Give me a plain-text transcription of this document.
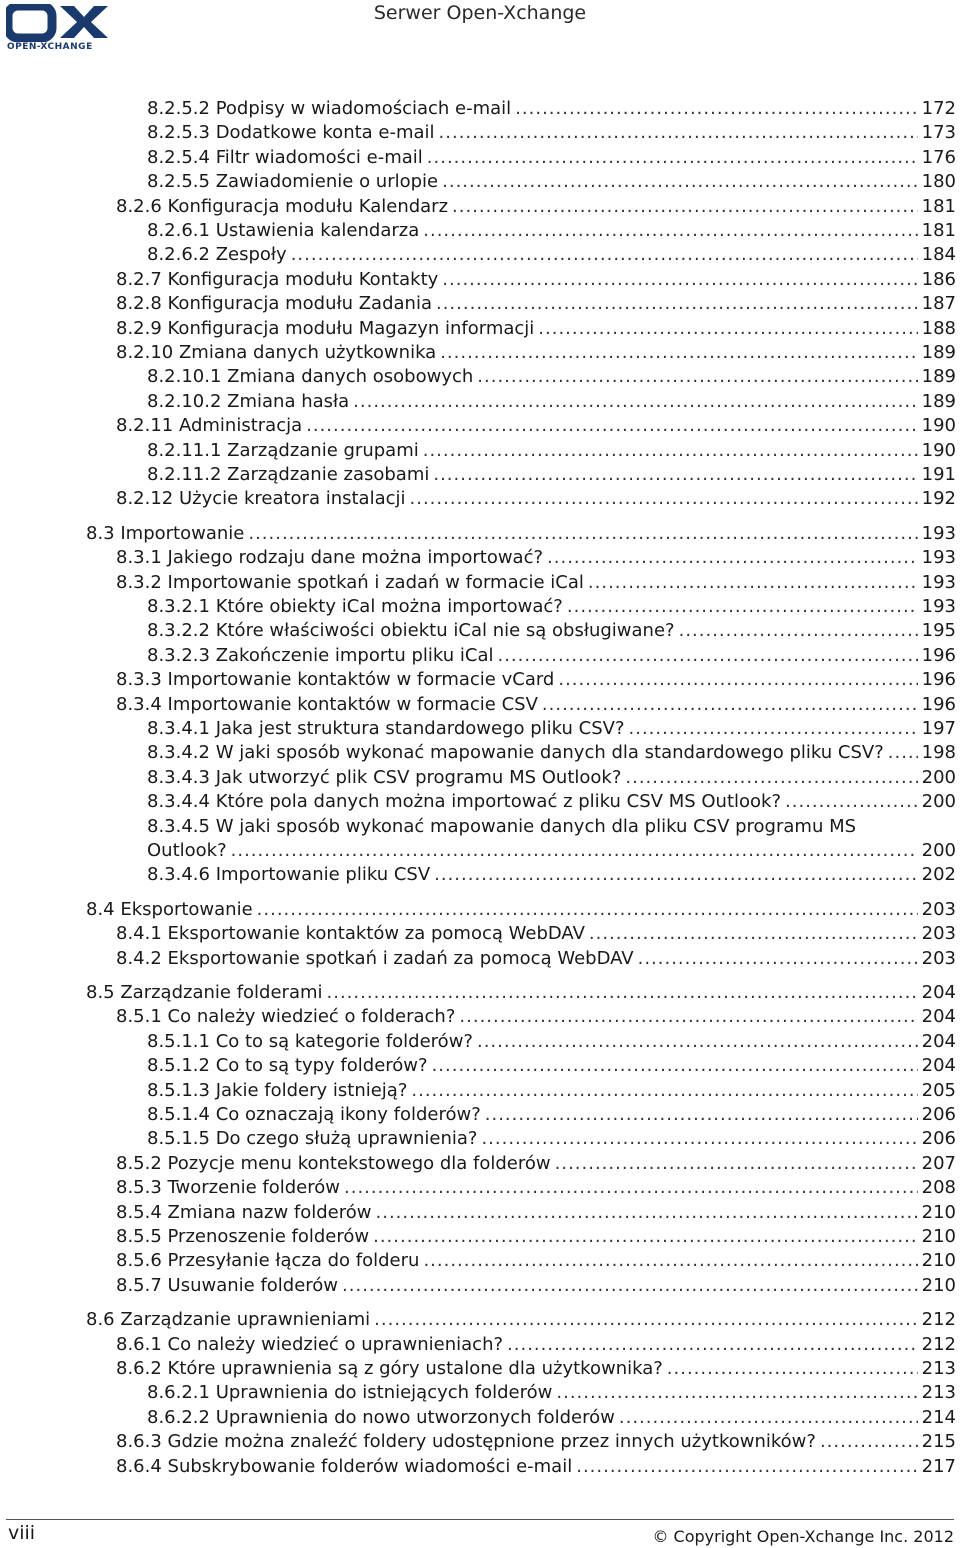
OPEN-XCHANGE
Serwer Open-Xchange
8.2.5.2 Podpisy w wiadomościach e-mail .....	172
8.2.5.3 Dodatkowe konta e-mail .....	173
8.2.5.4 Filtr wiadomości e-mail .....	176
8.2.5.5 Zawiadomienie o urlopie .....	180
8.2.6 Konfiguracja modułu Kalendarz .....	181
8.2.6.1 Ustawienia kalendarza .....	181
8.2.6.2 Zespoły .....	184
8.2.7 Konfiguracja modułu Kontakty .....	186
8.2.8 Konfiguracja modułu Zadania .....	187
8.2.9 Konfiguracja modułu Magazyn informacji .....	188
8.2.10 Zmiana danych użytkownika .....	189
8.2.10.1 Zmiana danych osobowych .....	189
8.2.10.2 Zmiana hasła .....	189
8.2.11 Administracja .....	190
8.2.11.1 Zarządzanie grupami .....	190
8.2.11.2 Zarządzanie zasobami .....	191
8.2.12 Użycie kreatora instalacji .....	192
8.3 Importowanie .....	193
8.3.1 Jakiego rodzaju dane można importować? .....	193
8.3.2 Importowanie spotkań i zadań w formacie iCal .....	193
8.3.2.1 Które obiekty iCal można importować? .....	193
8.3.2.2 Które właściwości obiektu iCal nie są obsługiwane? .....	195
8.3.2.3 Zakończenie importu pliku iCal .....	196
8.3.3 Importowanie kontaktów w formacie vCard .....	196
8.3.4 Importowanie kontaktów w formacie CSV .....	196
8.3.4.1 Jaka jest struktura standardowego pliku CSV? .....	197
8.3.4.2 W jaki sposób wykonać mapowanie danych dla standardowego pliku CSV? ..... 198
8.3.4.3 Jak utworzyć plik CSV programu MS Outlook? .....	200
8.3.4.4 Które pola danych można importować z pliku CSV MS Outlook? .....	200
8.3.4.5 W jaki sposób wykonać mapowanie danych dla pliku CSV programu MS
Outlook? .....	200
8.3.4.6 Importowanie pliku CSV .....	202
8.4 Eksportowanie .....	203
8.4.1 Eksportowanie kontaktów za pomocą WebDAV .....	203
8.4.2 Eksportowanie spotkań i zadań za pomocą WebDAV .....	203
8.5 Zarządzanie folderami .....	204
8.5.1 Co należy wiedzieć o folderach? .....	204
8.5.1.1 Co to są kategorie folderów? .....	204
8.5.1.2 Co to są typy folderów? .....	204
8.5.1.3 Jakie foldery istnieją? .....	205
8.5.1.4 Co oznaczają ikony folderów? .....	206
8.5.1.5 Do czego służą uprawnienia? .....	206
8.5.2 Pozycje menu kontekstowego dla folderów .....	207
8.5.3 Tworzenie folderów .....	208
8.5.4 Zmiana nazw folderów .....	210
8.5.5 Przenoszenie folderów .....	210
8.5.6 Przesyłanie łącza do folderu .....	210
8.5.7 Usuwanie folderów .....	210
8.6 Zarządzanie uprawnieniami .....	212
8.6.1 Co należy wiedzieć o uprawnieniach? .....	212
8.6.2 Które uprawnienia są z góry ustalone dla użytkownika? .....	213
8.6.2.1 Uprawnienia do istniejących folderów .....	213
8.6.2.2 Uprawnienia do nowo utworzonych folderów .....	214
8.6.3 Gdzie można znaleźć foldery udostępnione przez innych użytkowników? .....	215
8.6.4 Subskrybowanie folderów wiadomości e-mail .....	217
viii	© Copyright Open-Xchange Inc. 2012
